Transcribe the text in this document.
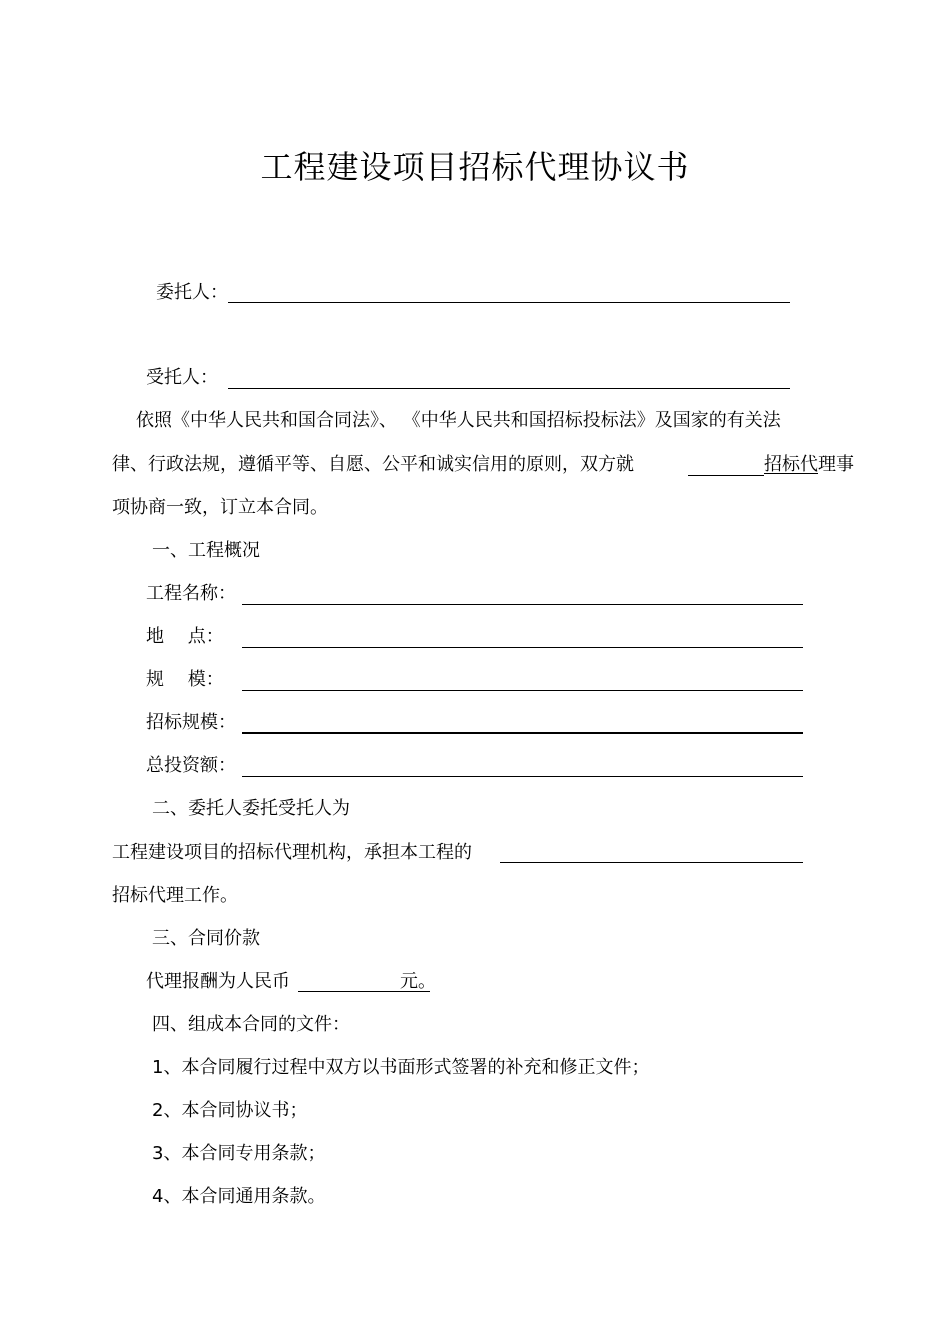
工程建设项目招标代理协议书
委托人：
受托人：
依照《中华人民共和国合同法》、 《中华人民共和国招标投标法》及国家的有关法
律、行政法规，遵循平等、自愿、公平和诚实信用的原则，双方就	招标代理事
项协商一致，订立本合同。
一、工程概况
工程名称：
地　 点：
规　 模：
招标规模：
总投资额：
二、委托人委托受托人为
工程建设项目的招标代理机构，承担本工程的
招标代理工作。
三、合同价款
代理报酬为人民币	元。
四、组成本合同的文件：
1、本合同履行过程中双方以书面形式签署的补充和修正文件；
2、本合同协议书；
3、本合同专用条款；
4、本合同通用条款。
